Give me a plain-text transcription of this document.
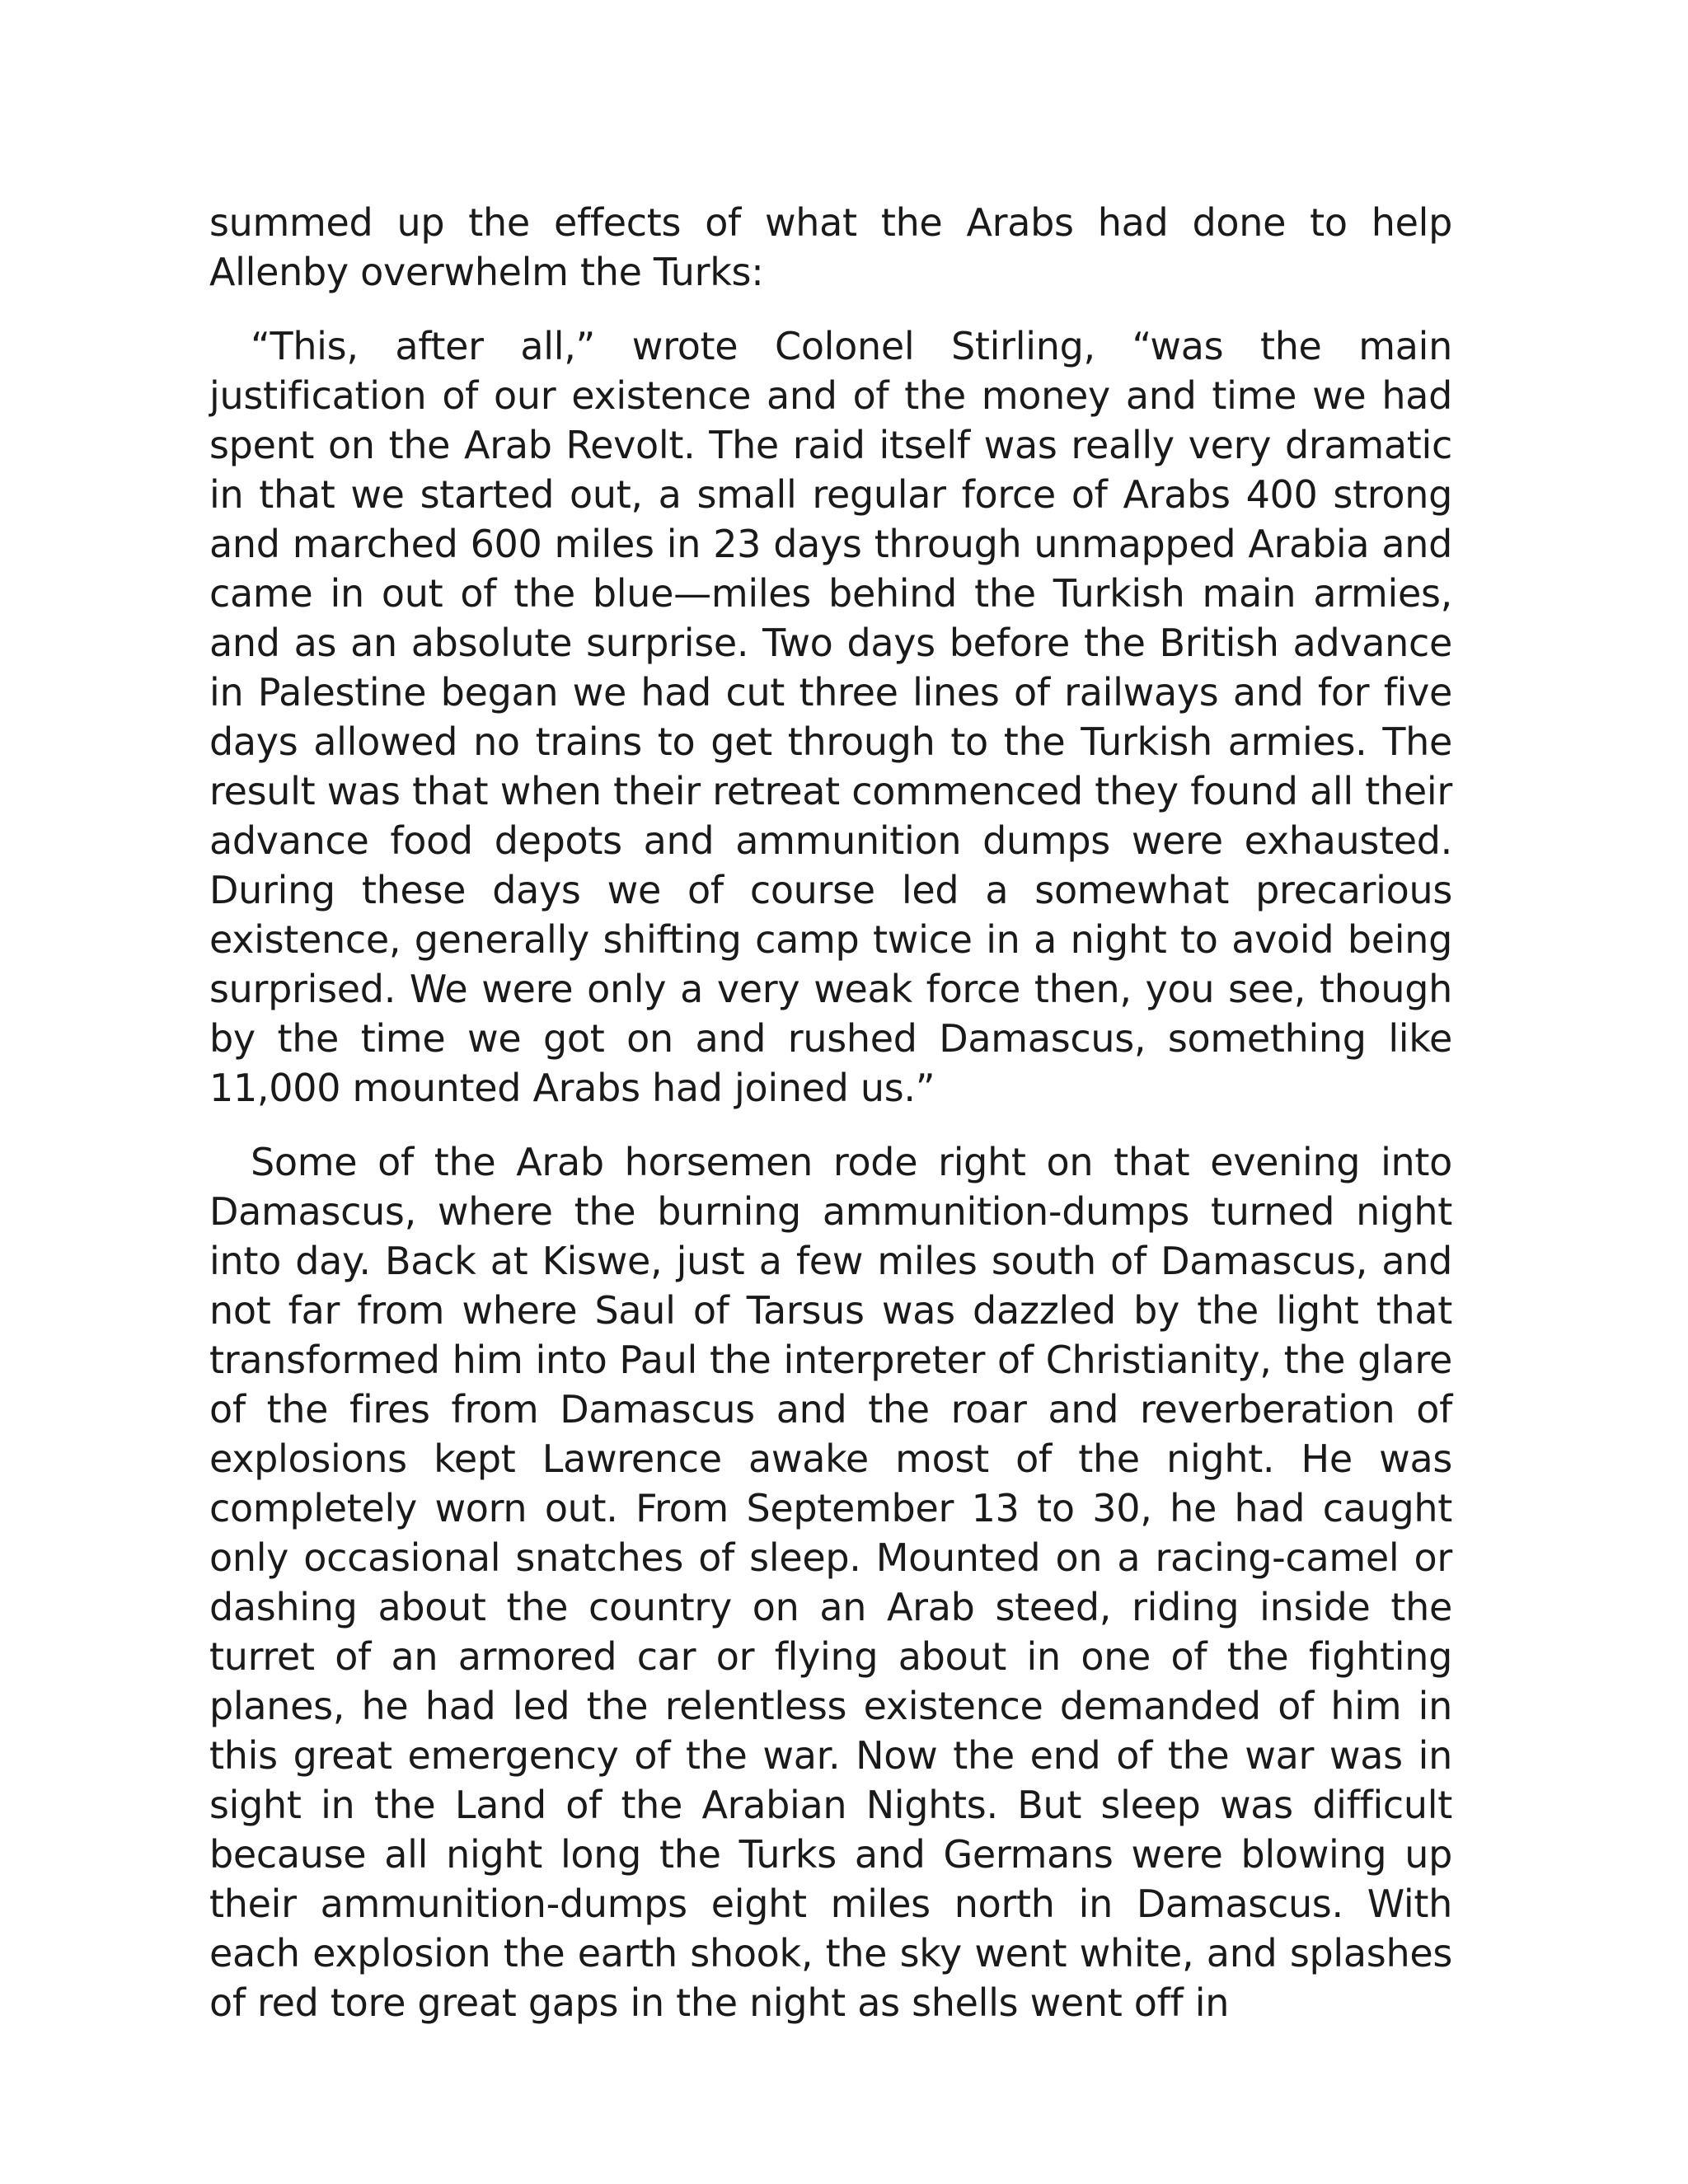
summed up the effects of what the Arabs had done to help Allenby overwhelm the Turks:

“This, after all,” wrote Colonel Stirling, “was the main justification of our existence and of the money and time we had spent on the Arab Revolt. The raid itself was really very dramatic in that we started out, a small regular force of Arabs 400 strong and marched 600 miles in 23 days through unmapped Arabia and came in out of the blue—miles behind the Turkish main armies, and as an absolute surprise. Two days before the British advance in Palestine began we had cut three lines of railways and for five days allowed no trains to get through to the Turkish armies. The result was that when their retreat commenced they found all their advance food depots and ammunition dumps were exhausted. During these days we of course led a somewhat precarious existence, generally shifting camp twice in a night to avoid being surprised. We were only a very weak force then, you see, though by the time we got on and rushed Damascus, something like 11,000 mounted Arabs had joined us.”

Some of the Arab horsemen rode right on that evening into Damascus, where the burning ammunition-dumps turned night into day. Back at Kiswe, just a few miles south of Damascus, and not far from where Saul of Tarsus was dazzled by the light that transformed him into Paul the interpreter of Christianity, the glare of the fires from Damascus and the roar and reverberation of explosions kept Lawrence awake most of the night. He was completely worn out. From September 13 to 30, he had caught only occasional snatches of sleep. Mounted on a racing-camel or dashing about the country on an Arab steed, riding inside the turret of an armored car or flying about in one of the fighting planes, he had led the relentless existence demanded of him in this great emergency of the war. Now the end of the war was in sight in the Land of the Arabian Nights. But sleep was difficult because all night long the Turks and Germans were blowing up their ammunition-dumps eight miles north in Damascus. With each explosion the earth shook, the sky went white, and splashes of red tore great gaps in the night as shells went off in
